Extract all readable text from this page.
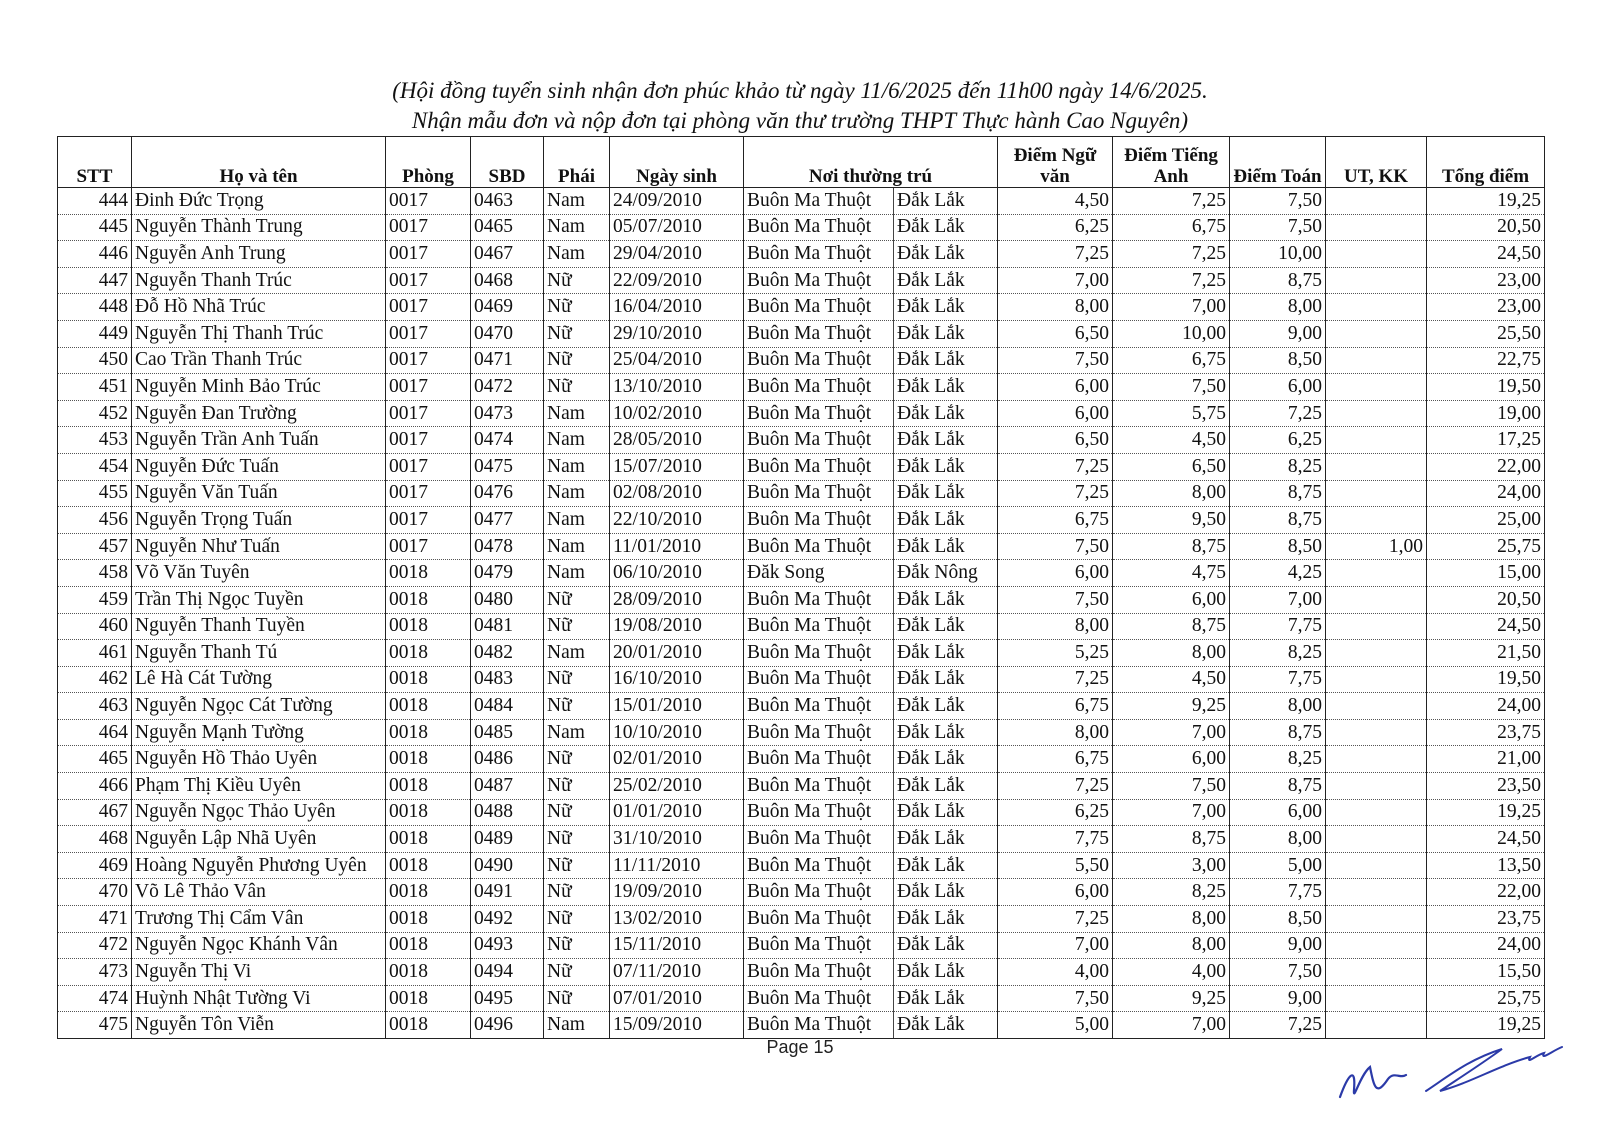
(Hội đồng tuyển sinh nhận đơn phúc khảo từ ngày 11/6/2025 đến 11h00 ngày 14/6/2025.
Nhận mẫu đơn và nộp đơn tại phòng văn thư trường THPT Thực hành Cao Nguyên)
STT	Họ và tên	Phòng	SBD	Phái	Ngày sinh	Nơi thường trú		Điểm Ngữ văn	Điểm Tiếng Anh	Điểm Toán	UT, KK	Tổng điểm
444	Đinh Đức Trọng	0017	0463	Nam	24/09/2010	Buôn Ma Thuột	Đắk Lắk	4,50	7,25	7,50		19,25
445	Nguyễn Thành Trung	0017	0465	Nam	05/07/2010	Buôn Ma Thuột	Đắk Lắk	6,25	6,75	7,50		20,50
446	Nguyễn Anh Trung	0017	0467	Nam	29/04/2010	Buôn Ma Thuột	Đắk Lắk	7,25	7,25	10,00		24,50
447	Nguyễn Thanh Trúc	0017	0468	Nữ	22/09/2010	Buôn Ma Thuột	Đắk Lắk	7,00	7,25	8,75		23,00
448	Đỗ Hồ Nhã Trúc	0017	0469	Nữ	16/04/2010	Buôn Ma Thuột	Đắk Lắk	8,00	7,00	8,00		23,00
449	Nguyễn Thị Thanh Trúc	0017	0470	Nữ	29/10/2010	Buôn Ma Thuột	Đắk Lắk	6,50	10,00	9,00		25,50
450	Cao Trần Thanh Trúc	0017	0471	Nữ	25/04/2010	Buôn Ma Thuột	Đắk Lắk	7,50	6,75	8,50		22,75
451	Nguyễn Minh Bảo Trúc	0017	0472	Nữ	13/10/2010	Buôn Ma Thuột	Đắk Lắk	6,00	7,50	6,00		19,50
452	Nguyễn Đan Trường	0017	0473	Nam	10/02/2010	Buôn Ma Thuột	Đắk Lắk	6,00	5,75	7,25		19,00
453	Nguyễn Trần Anh Tuấn	0017	0474	Nam	28/05/2010	Buôn Ma Thuột	Đắk Lắk	6,50	4,50	6,25		17,25
454	Nguyễn Đức Tuấn	0017	0475	Nam	15/07/2010	Buôn Ma Thuột	Đắk Lắk	7,25	6,50	8,25		22,00
455	Nguyễn Văn Tuấn	0017	0476	Nam	02/08/2010	Buôn Ma Thuột	Đắk Lắk	7,25	8,00	8,75		24,00
456	Nguyễn Trọng Tuấn	0017	0477	Nam	22/10/2010	Buôn Ma Thuột	Đắk Lắk	6,75	9,50	8,75		25,00
457	Nguyễn Như Tuấn	0017	0478	Nam	11/01/2010	Buôn Ma Thuột	Đắk Lắk	7,50	8,75	8,50	1,00	25,75
458	Võ Văn Tuyên	0018	0479	Nam	06/10/2010	Đăk Song	Đắk Nông	6,00	4,75	4,25		15,00
459	Trần Thị Ngọc Tuyền	0018	0480	Nữ	28/09/2010	Buôn Ma Thuột	Đắk Lắk	7,50	6,00	7,00		20,50
460	Nguyễn Thanh Tuyền	0018	0481	Nữ	19/08/2010	Buôn Ma Thuột	Đắk Lắk	8,00	8,75	7,75		24,50
461	Nguyễn Thanh Tú	0018	0482	Nam	20/01/2010	Buôn Ma Thuột	Đắk Lắk	5,25	8,00	8,25		21,50
462	Lê Hà Cát Tường	0018	0483	Nữ	16/10/2010	Buôn Ma Thuột	Đắk Lắk	7,25	4,50	7,75		19,50
463	Nguyễn Ngọc Cát Tường	0018	0484	Nữ	15/01/2010	Buôn Ma Thuột	Đắk Lắk	6,75	9,25	8,00		24,00
464	Nguyễn Mạnh Tường	0018	0485	Nam	10/10/2010	Buôn Ma Thuột	Đắk Lắk	8,00	7,00	8,75		23,75
465	Nguyễn Hồ Thảo Uyên	0018	0486	Nữ	02/01/2010	Buôn Ma Thuột	Đắk Lắk	6,75	6,00	8,25		21,00
466	Phạm Thị Kiều Uyên	0018	0487	Nữ	25/02/2010	Buôn Ma Thuột	Đắk Lắk	7,25	7,50	8,75		23,50
467	Nguyễn Ngọc Thảo Uyên	0018	0488	Nữ	01/01/2010	Buôn Ma Thuột	Đắk Lắk	6,25	7,00	6,00		19,25
468	Nguyễn Lập Nhã Uyên	0018	0489	Nữ	31/10/2010	Buôn Ma Thuột	Đắk Lắk	7,75	8,75	8,00		24,50
469	Hoàng Nguyễn Phương Uyên	0018	0490	Nữ	11/11/2010	Buôn Ma Thuột	Đắk Lắk	5,50	3,00	5,00		13,50
470	Võ Lê Thảo Vân	0018	0491	Nữ	19/09/2010	Buôn Ma Thuột	Đắk Lắk	6,00	8,25	7,75		22,00
471	Trương Thị Cẩm Vân	0018	0492	Nữ	13/02/2010	Buôn Ma Thuột	Đắk Lắk	7,25	8,00	8,50		23,75
472	Nguyễn Ngọc Khánh Vân	0018	0493	Nữ	15/11/2010	Buôn Ma Thuột	Đắk Lắk	7,00	8,00	9,00		24,00
473	Nguyễn Thị Vi	0018	0494	Nữ	07/11/2010	Buôn Ma Thuột	Đắk Lắk	4,00	4,00	7,50		15,50
474	Huỳnh Nhật Tường Vi	0018	0495	Nữ	07/01/2010	Buôn Ma Thuột	Đắk Lắk	7,50	9,25	9,00		25,75
475	Nguyễn Tôn Viễn	0018	0496	Nam	15/09/2010	Buôn Ma Thuột	Đắk Lắk	5,00	7,00	7,25		19,25
Page 15
